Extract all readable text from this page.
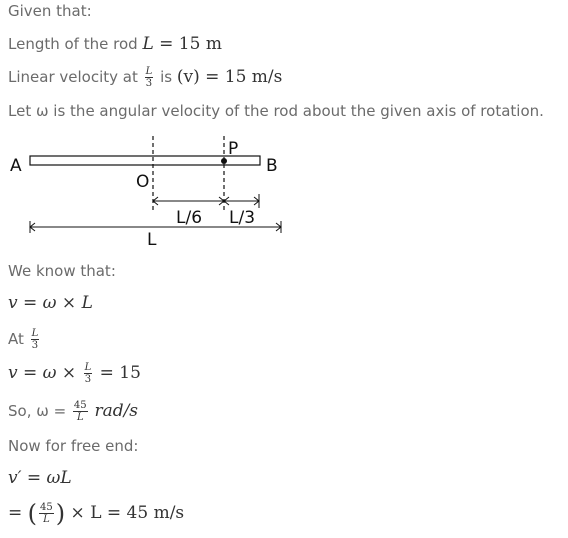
Given that:
Length of the rod L = 15 m
Linear velocity at $\frac{L}{3}$ is (v) = 15 m/s
Let ω is the angular velocity of the rod about the given axis of rotation.
A	B
P
O
L/6 L/3
L
We know that:
v = ω × L
At $\frac{L}{3}$
$v = \omega \times \frac{L}{3} = 15$
So, $\omega = \frac{45}{L} rad/s$
Now for free end:
v′ = ωL
= ( $\frac{45}{L}$ ) × L = 45 m/s
